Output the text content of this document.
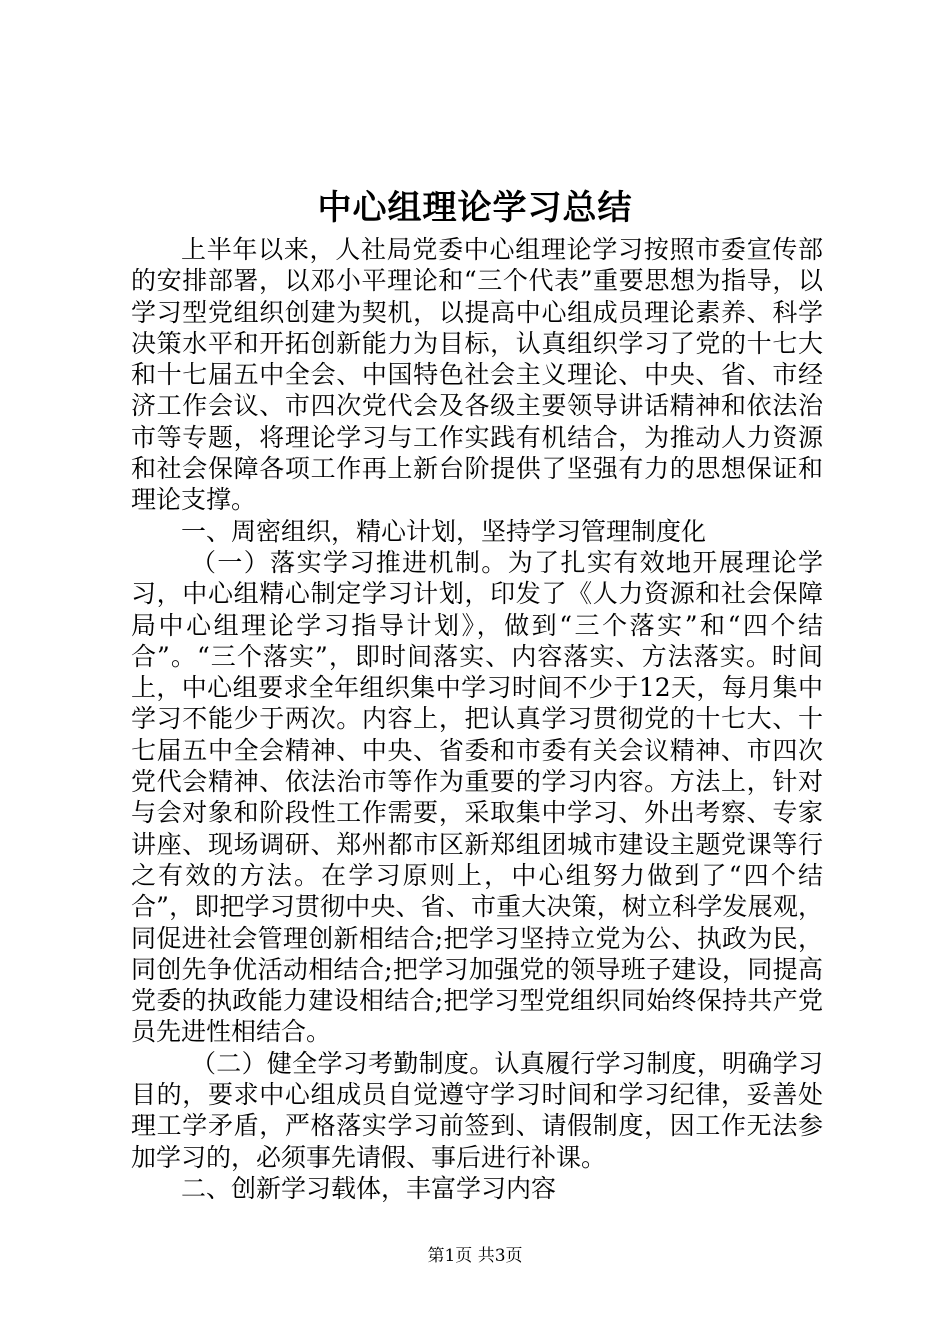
中心组理论学习总结

上半年以来，人社局党委中心组理论学习按照市委宣传部的安排部署，以邓小平理论和“三个代表”重要思想为指导，以学习型党组织创建为契机，以提高中心组成员理论素养、科学决策水平和开拓创新能力为目标，认真组织学习了党的十七大和十七届五中全会、中国特色社会主义理论、中央、省、市经济工作会议、市四次党代会及各级主要领导讲话精神和依法治市等专题，将理论学习与工作实践有机结合，为推动人力资源和社会保障各项工作再上新台阶提供了坚强有力的思想保证和理论支撑。

一、周密组织，精心计划，坚持学习管理制度化

（一）落实学习推进机制。为了扎实有效地开展理论学习，中心组精心制定学习计划，印发了《人力资源和社会保障局中心组理论学习指导计划》，做到“三个落实”和“四个结合”。“三个落实”，即时间落实、内容落实、方法落实。时间上，中心组要求全年组织集中学习时间不少于12天，每月集中学习不能少于两次。内容上，把认真学习贯彻党的十七大、十七届五中全会精神、中央、省委和市委有关会议精神、市四次党代会精神、依法治市等作为重要的学习内容。方法上，针对与会对象和阶段性工作需要，采取集中学习、外出考察、专家讲座、现场调研、郑州都市区新郑组团城市建设主题党课等行之有效的方法。在学习原则上，中心组努力做到了“四个结合”，即把学习贯彻中央、省、市重大决策，树立科学发展观，同促进社会管理创新相结合;把学习坚持立党为公、执政为民，同创先争优活动相结合;把学习加强党的领导班子建设，同提高党委的执政能力建设相结合;把学习型党组织同始终保持共产党员先进性相结合。

（二）健全学习考勤制度。认真履行学习制度，明确学习目的，要求中心组成员自觉遵守学习时间和学习纪律，妥善处理工学矛盾，严格落实学习前签到、请假制度，因工作无法参加学习的，必须事先请假、事后进行补课。

二、创新学习载体，丰富学习内容

第1页 共3页
